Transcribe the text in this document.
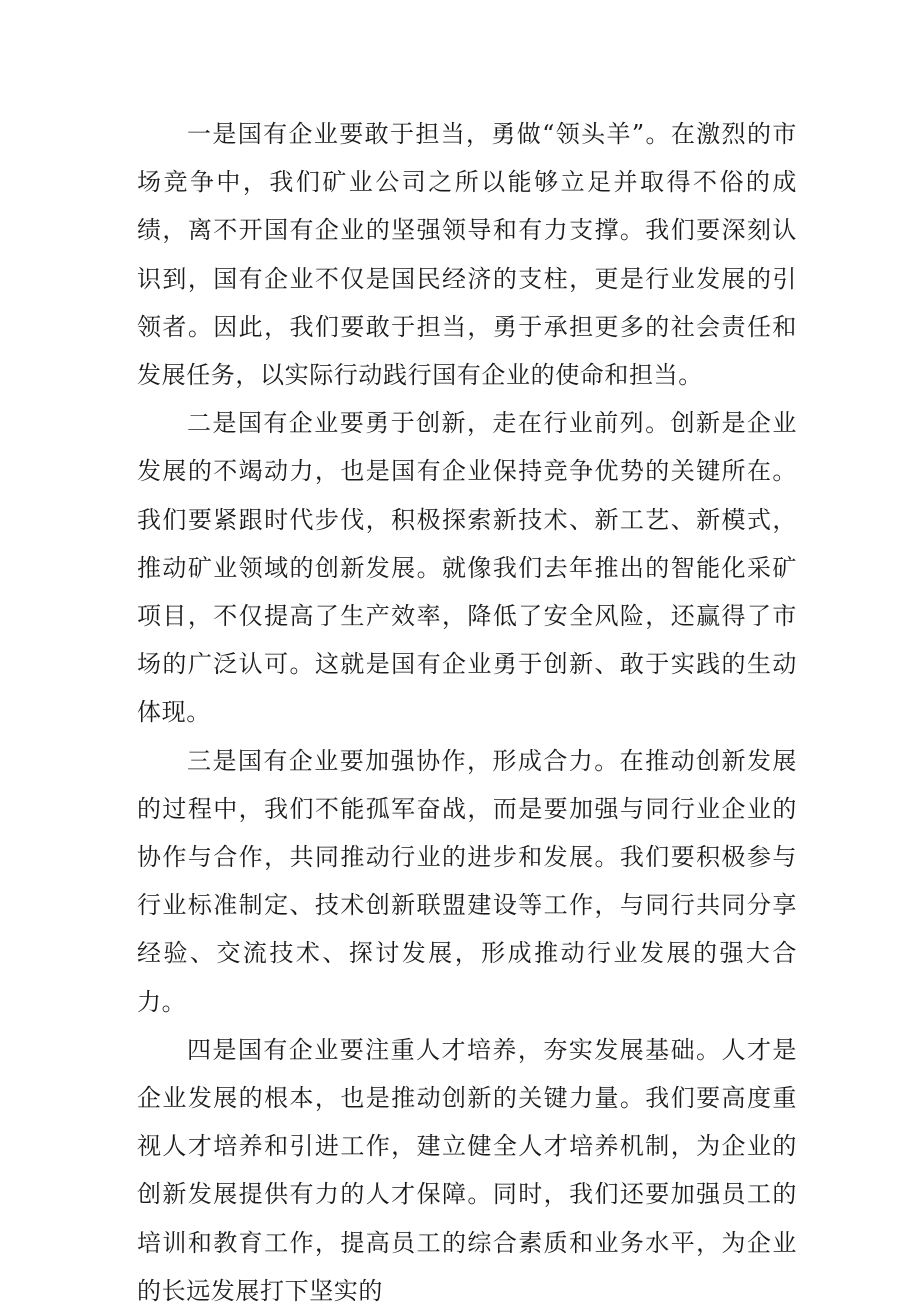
一是国有企业要敢于担当，勇做“领头羊”。在激烈的市场竞争中，我们矿业公司之所以能够立足并取得不俗的成绩，离不开国有企业的坚强领导和有力支撑。我们要深刻认识到，国有企业不仅是国民经济的支柱，更是行业发展的引领者。因此，我们要敢于担当，勇于承担更多的社会责任和发展任务，以实际行动践行国有企业的使命和担当。

二是国有企业要勇于创新，走在行业前列。创新是企业发展的不竭动力，也是国有企业保持竞争优势的关键所在。我们要紧跟时代步伐，积极探索新技术、新工艺、新模式，推动矿业领域的创新发展。就像我们去年推出的智能化采矿项目，不仅提高了生产效率，降低了安全风险，还赢得了市场的广泛认可。这就是国有企业勇于创新、敢于实践的生动体现。

三是国有企业要加强协作，形成合力。在推动创新发展的过程中，我们不能孤军奋战，而是要加强与同行业企业的协作与合作，共同推动行业的进步和发展。我们要积极参与行业标准制定、技术创新联盟建设等工作，与同行共同分享经验、交流技术、探讨发展，形成推动行业发展的强大合力。

四是国有企业要注重人才培养，夯实发展基础。人才是企业发展的根本，也是推动创新的关键力量。我们要高度重视人才培养和引进工作，建立健全人才培养机制，为企业的创新发展提供有力的人才保障。同时，我们还要加强员工的培训和教育工作，提高员工的综合素质和业务水平，为企业的长远发展打下坚实的
